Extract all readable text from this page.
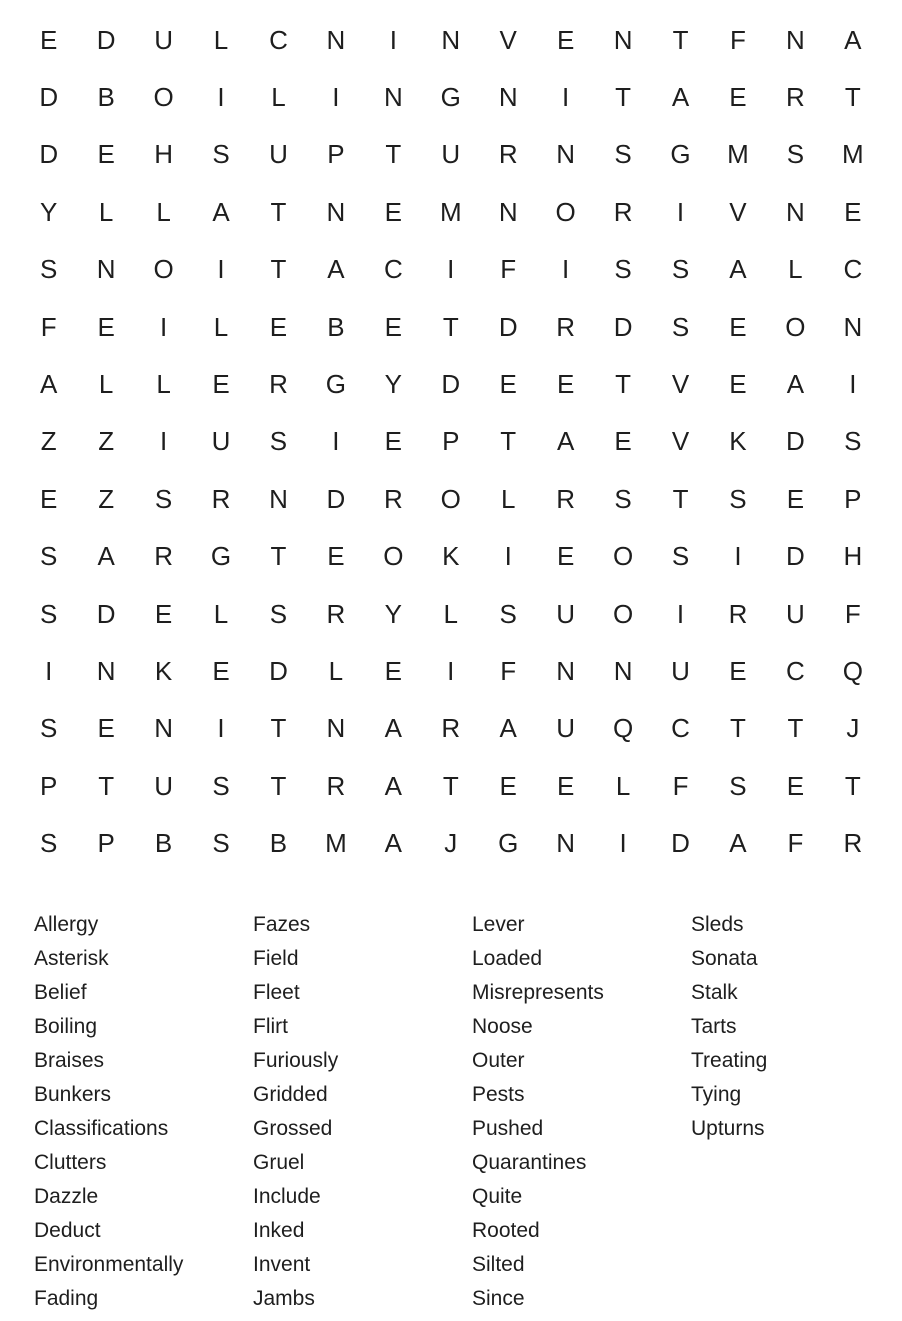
E	D	U	L	C	N	I	N	V	E	N	T	F	N	A
D	B	O	I	L	I	N	G	N	I	T	A	E	R	T
D	E	H	S	U	P	T	U	R	N	S	G	M	S	M
Y	L	L	A	T	N	E	M	N	O	R	I	V	N	E
S	N	O	I	T	A	C	I	F	I	S	S	A	L	C
F	E	I	L	E	B	E	T	D	R	D	S	E	O	N
A	L	L	E	R	G	Y	D	E	E	T	V	E	A	I
Z	Z	I	U	S	I	E	P	T	A	E	V	K	D	S
E	Z	S	R	N	D	R	O	L	R	S	T	S	E	P
S	A	R	G	T	E	O	K	I	E	O	S	I	D	H
S	D	E	L	S	R	Y	L	S	U	O	I	R	U	F
I	N	K	E	D	L	E	I	F	N	N	U	E	C	Q
S	E	N	I	T	N	A	R	A	U	Q	C	T	T	J
P	T	U	S	T	R	A	T	E	E	L	F	S	E	T
S	P	B	S	B	M	A	J	G	N	I	D	A	F	R
Allergy
Asterisk
Belief
Boiling
Braises
Bunkers
Classifications
Clutters
Dazzle
Deduct
Environmentally
Fading
Fazes
Field
Fleet
Flirt
Furiously
Gridded
Grossed
Gruel
Include
Inked
Invent
Jambs
Lever
Loaded
Misrepresents
Noose
Outer
Pests
Pushed
Quarantines
Quite
Rooted
Silted
Since
Sleds
Sonata
Stalk
Tarts
Treating
Tying
Upturns
